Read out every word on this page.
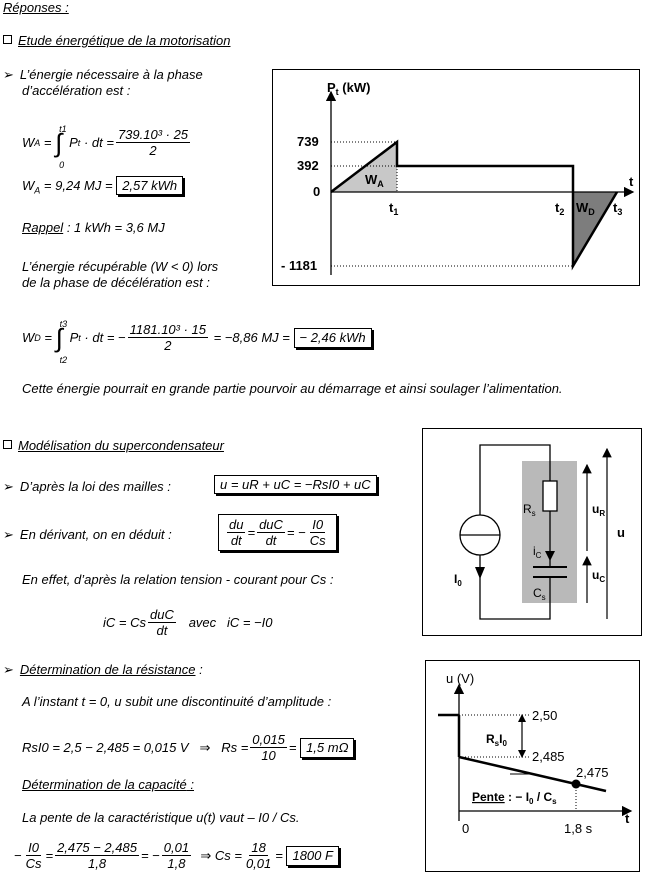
Réponses :
Etude énergétique de la motorisation
➢ L’énergie nécessaire à la phase
d’accélération est :
W A = ∫
t1
0
P t
· dt = $\frac{\text{739.10³ · 25}}{2}$
$W_A = 9,24$ MJ = 2,57 kWh
Rappel : 1 kWh = 3,6 MJ
L’énergie récupérable (W < 0) lors
de la phase de décélération est :
W D = ∫
t3
t2
P t
· dt = − $\frac{\text{1181.10³ · 15}}{2}$
= −8,86 MJ =
− 2,46 kWh
Cette énergie pourrait en grande partie pourvoir au démarrage et ainsi soulager l’alimentation.
$P_t$ (kW)
739
392
0
- 1181
t
$t_1$	$t_2$	$t_3$
$W_A$
$W_D$
Modélisation du supercondensateur
➢ D’après la loi des mailles :	u = uR + uC = −RsI0 + uC
➢ En dérivant, on en déduit :	$\frac{du}{dt} = \frac{\text{duC}}{dt}$ = − $\frac{I0}{Cs}$
En effet, d’après la relation tension - courant pour Cs :
iC = Cs $\frac{\text{duC}}{dt}$
avec
iC = −I0
$R_s$
$i_C$
$C_s$
$I_0$
$u_R$
$u_C$
u
➢ Détermination de la résistance :
A l’instant t = 0, u subit une discontinuité d’amplitude :
RsI0 = 2,5 − 2,485 = 0,015 V
⇒
$Rs = \frac{0,015}{10}$ =
1,5 mΩ
Détermination de la capacité :
La pente de la caractéristique u(t) vaut – I0 / Cs.
− $\frac{I0}{Cs} = \frac{2,475 - 2,485}{1,8}$ = − $\frac{0,01}{1,8}$
⇒
$Cs = \frac{18}{0,01} = 1800$ F
u (V)
t
2,50
2,485
2,475
0	1,8 s
$R_sI_0$
Pente : − $I_0 / C_s$
